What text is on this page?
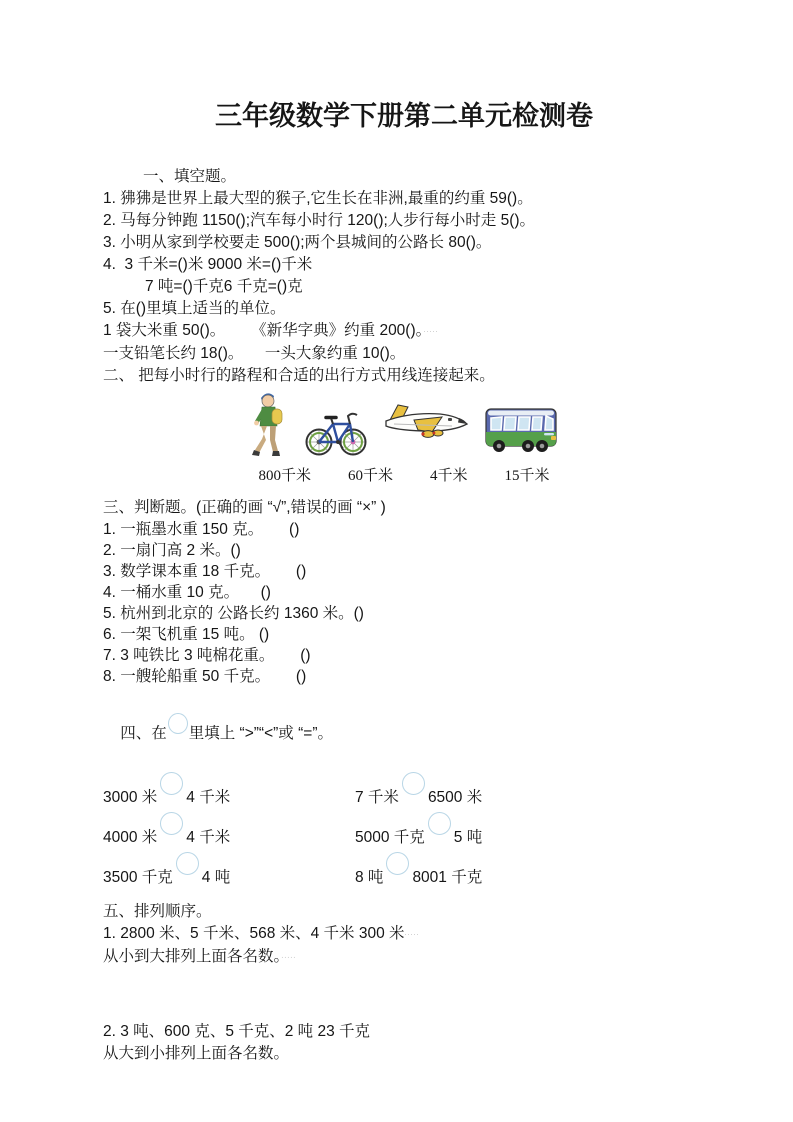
三年级数学下册第二单元检测卷
一、填空题。
1. 狒狒是世界上最大型的猴子,它生长在非洲,最重的约重 59()。
2. 马每分钟跑 1150();汽车每小时行 120();人步行每小时走 5()。
3. 小明从家到学校要走 500();两个县城间的公路长 80()。
4.  3 千米=()米 9000 米=()千米
7 吨=()千克6 千克=()克
5. 在()里填上适当的单位。
1 袋大米重 50()。      《新华字典》约重 200()。·····
一支铅笔长约 18()。     一头大象约重 10()。
二、 把每小时行的路程和合适的出行方式用线连接起来。
800千米 60千米 4千米 15千米
三、判断题。(正确的画 “√”,错误的画 “×” )
1. 一瓶墨水重 150 克。      ()
2. 一扇门高 2 米。()
3. 数学课本重 18 千克。      ()
4. 一桶水重 10 克。     ()
5. 杭州到北京的 公路长约 1360 米。()
6. 一架飞机重 15 吨。 ()
7. 3 吨铁比 3 吨棉花重。      ()
8. 一艘轮船重 50 千克。      ()

四、在 里填上 “>”“<”或 “=”。

3000 米 4 千米	7 千米 6500 米
4000 米 4 千米	5000 千克 5 吨
3500 千克 4 吨	8 吨 8001 千克
五、排列顺序。
1. 2800 米、5 千米、568 米、4 千米 300 米·····
从小到大排列上面各名数。·····
2. 3 吨、600 克、5 千克、2 吨 23 千克
从大到小排列上面各名数。
